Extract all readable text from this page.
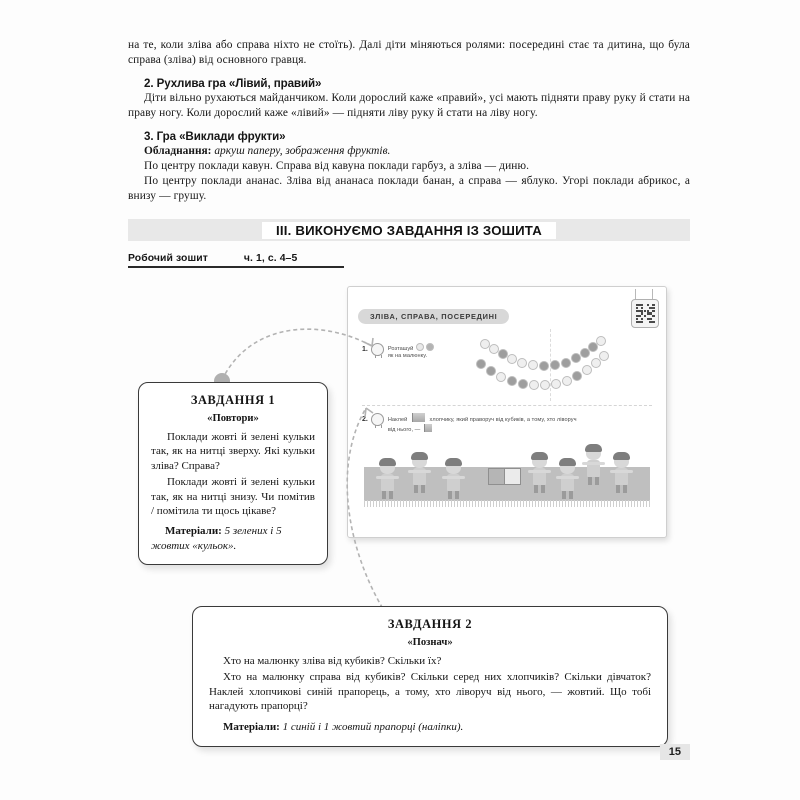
на те, коли зліва або справа ніхто не стоїть). Далі діти міняються ролями: посередині стає та дитина, що була справа (зліва) від основного гравця.

2. Рухлива гра «Лівий, правий»

Діти вільно рухаються майданчиком. Коли дорослий каже «правий», усі мають підняти праву руку й стати на праву ногу. Коли дорослий каже «лівий» — підняти ліву руку й стати на ліву ногу.

3. Гра «Виклади фрукти»

Обладнання: аркуш паперу, зображення фруктів.

По центру поклади кавун. Справа від кавуна поклади гарбуз, а зліва — диню.

По центру поклади ананас. Зліва від ананаса поклади банан, а справа — яблуко. Угорі поклади абрикос, а внизу — грушу.

III. ВИКОНУЄМО ЗАВДАННЯ ІЗ ЗОШИТА
Робочий зошит	ч. 1, с. 4–5
ЗЛІВА, СПРАВА, ПОСЕРЕДИНІ
1.	Розташуй
як на малюнку.
2.	Наклей	хлопчику, який праворуч від кубиків, а тому, хто ліворуч
від нього, —

ЗАВДАННЯ 1

«Повтори»

Поклади жовті й зелені кульки так, як на нитці зверху. Які кульки зліва? Справа?

Поклади жовті й зелені кульки так, як на нитці знизу. Чи помітив / помітила ти щось цікаве?

Матеріали: 5 зелених і 5 жовтих «кульок».

ЗАВДАННЯ 2

«Познач»

Хто на малюнку зліва від кубиків? Скільки їх?

Хто на малюнку справа від кубиків? Скільки серед них хлопчиків? Скільки дівчаток? Наклей хлопчикові синій прапорець, а тому, хто ліворуч від нього, — жовтий. Що тобі нагадують прапорці?

Матеріали: 1 синій і 1 жовтий прапорці (наліпки).

15
